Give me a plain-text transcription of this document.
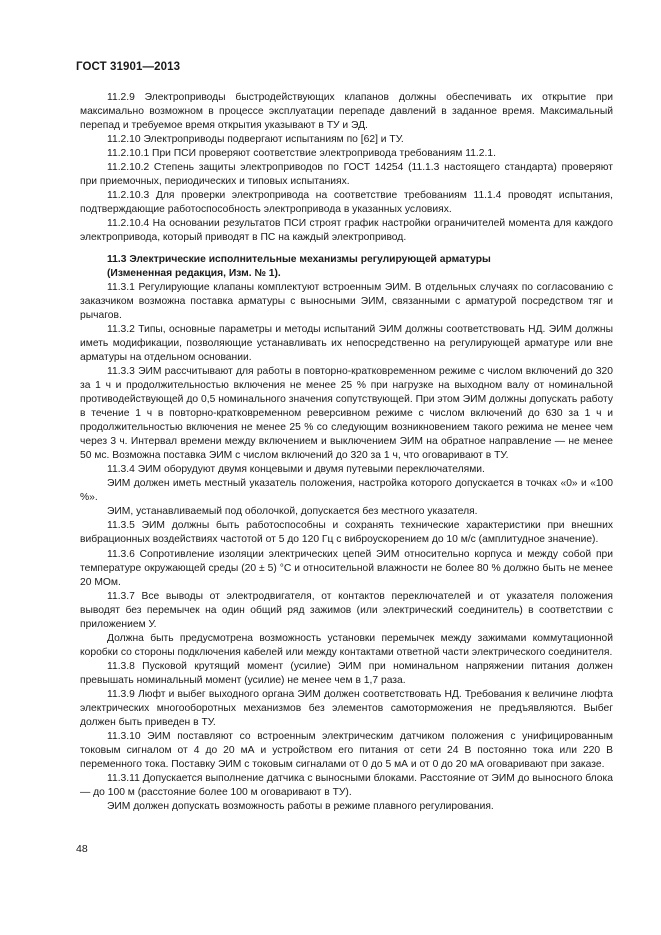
ГОСТ 31901—2013

11.2.9 Электроприводы быстродействующих клапанов должны обеспечивать их открытие при максимально возможном в процессе эксплуатации перепаде давлений в заданное время. Максимальный перепад и требуемое время открытия указывают в ТУ и ЭД.

11.2.10 Электроприводы подвергают испытаниям по [62] и ТУ.

11.2.10.1 При ПСИ проверяют соответствие электропривода требованиям 11.2.1.

11.2.10.2 Степень защиты электроприводов по ГОСТ 14254 (11.1.3 настоящего стандарта) проверяют при приемочных, периодических и типовых испытаниях.

11.2.10.3 Для проверки электропривода на соответствие требованиям 11.1.4 проводят испытания, подтверждающие работоспособность электропривода в указанных условиях.

11.2.10.4 На основании результатов ПСИ строят график настройки ограничителей момента для каждого электропривода, который приводят в ПС на каждый электропривод.

11.3 Электрические исполнительные механизмы регулирующей арматуры

(Измененная редакция, Изм. № 1).

11.3.1 Регулирующие клапаны комплектуют встроенным ЭИМ. В отдельных случаях по согласованию с заказчиком возможна поставка арматуры с выносными ЭИМ, связанными с арматурой посредством тяг и рычагов.

11.3.2 Типы, основные параметры и методы испытаний ЭИМ должны соответствовать НД. ЭИМ должны иметь модификации, позволяющие устанавливать их непосредственно на регулирующей арматуре или вне арматуры на отдельном основании.

11.3.3 ЭИМ рассчитывают для работы в повторно-кратковременном режиме с числом включений до 320 за 1 ч и продолжительностью включения не менее 25 % при нагрузке на выходном валу от номинальной противодействующей до 0,5 номинального значения сопутствующей. При этом ЭИМ должны допускать работу в течение 1 ч в повторно-кратковременном реверсивном режиме с числом включений до 630 за 1 ч и продолжительностью включения не менее 25 % со следующим возникновением такого режима не менее чем через 3 ч. Интервал времени между включением и выключением ЭИМ на обратное направление — не менее 50 мс. Возможна поставка ЭИМ с числом включений до 320 за 1 ч, что оговаривают в ТУ.

11.3.4 ЭИМ оборудуют двумя концевыми и двумя путевыми переключателями.

ЭИМ должен иметь местный указатель положения, настройка которого допускается в точках «0» и «100 %».

ЭИМ, устанавливаемый под оболочкой, допускается без местного указателя.

11.3.5 ЭИМ должны быть работоспособны и сохранять технические характеристики при внешних вибрационных воздействиях частотой от 5 до 120 Гц с виброускорением до 10 м/с (амплитудное значение).

11.3.6 Сопротивление изоляции электрических цепей ЭИМ относительно корпуса и между собой при температуре окружающей среды (20 ± 5) °С и относительной влажности не более 80 % должно быть не менее 20 МОм.

11.3.7 Все выводы от электродвигателя, от контактов переключателей и от указателя положения выводят без перемычек на один общий ряд зажимов (или электрический соединитель) в соответствии с приложением У.

Должна быть предусмотрена возможность установки перемычек между зажимами коммутационной коробки со стороны подключения кабелей или между контактами ответной части электрического соединителя.

11.3.8 Пусковой крутящий момент (усилие) ЭИМ при номинальном напряжении питания должен превышать номинальный момент (усилие) не менее чем в 1,7 раза.

11.3.9 Люфт и выбег выходного органа ЭИМ должен соответствовать НД. Требования к величине люфта электрических многооборотных механизмов без элементов самоторможения не предъявляются. Выбег должен быть приведен в ТУ.

11.3.10 ЭИМ поставляют со встроенным электрическим датчиком положения с унифицированным токовым сигналом от 4 до 20 мА и устройством его питания от сети 24 В постоянно тока или 220 В переменного тока. Поставку ЭИМ с токовым сигналами от 0 до 5 мА и от 0 до 20 мА оговаривают при заказе.

11.3.11 Допускается выполнение датчика с выносными блоками. Расстояние от ЭИМ до выносного блока — до 100 м (расстояние более 100 м оговаривают в ТУ).

ЭИМ должен допускать возможность работы в режиме плавного регулирования.

48
